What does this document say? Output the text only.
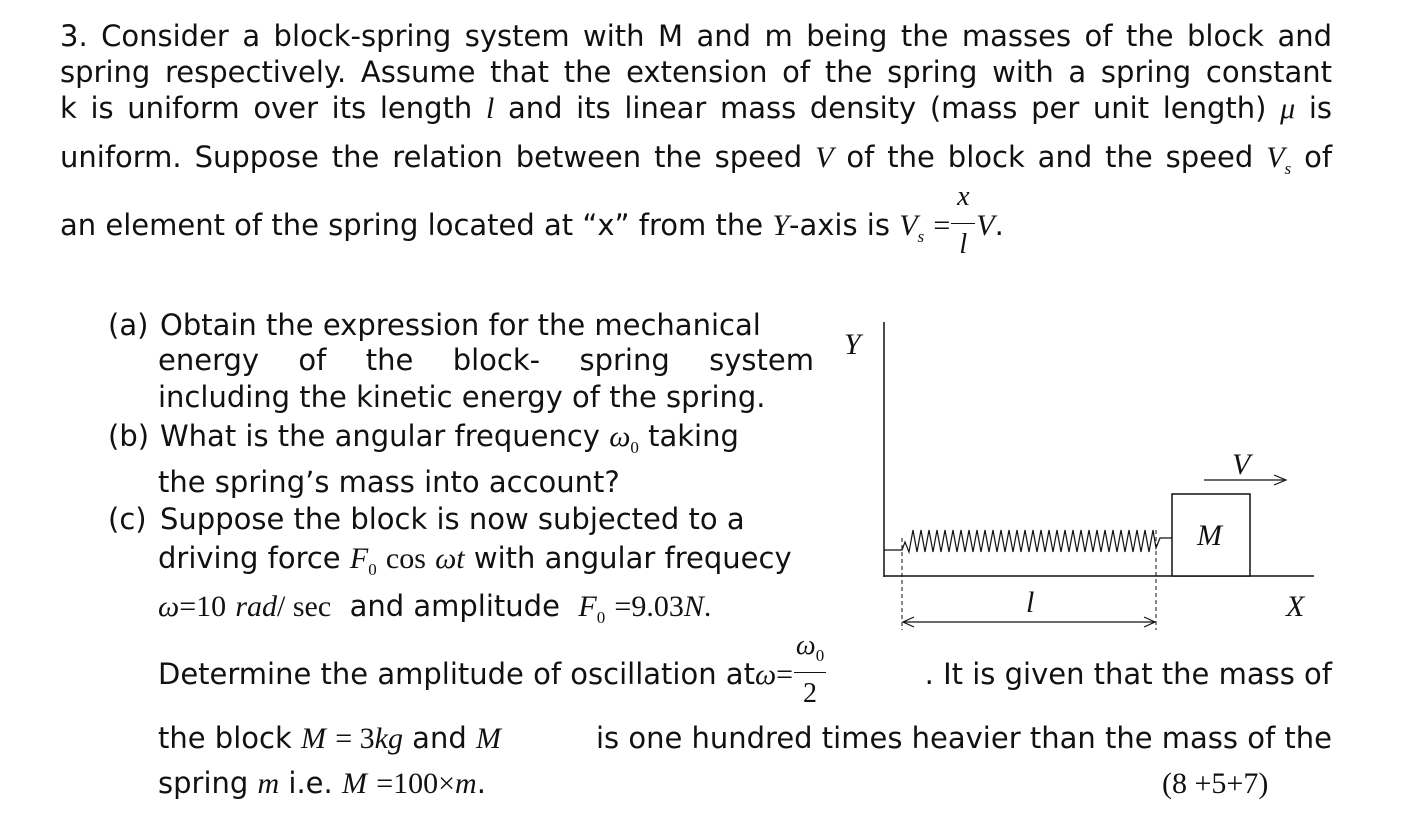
3. Consider a block-spring system with M and m being the masses of the block and
spring respectively. Assume that the extension of the spring with a spring constant
k is uniform over its length l and its linear mass density (mass per unit length) μ is
uniform. Suppose the relation between the speed V of the block and the speed $V_s$ of
an element of the spring located at “x” from the Y-axis is $V_s = \frac{x}{l} V$.
(a) Obtain the expression for the mechanical
energy of the block- spring system
including the kinetic energy of the spring.
(b) What is the angular frequency $\omega_0$ taking
the spring’s mass into account?
(c) Suppose the block is now subjected to a
driving force $F_0$ cos ωt with angular frequecy
ω=10 rad/ sec and amplitude $F_0 =9.03N$.
Determine the amplitude of oscillation $at\omega= \frac{\omega_0}{2}$	. It is given that the mass of
the block M = 3kg and M	is one hundred times heavier than the mass of the
spring m i.e. M =100×m.	(8 +5+7)
Y
X
M
V
l
